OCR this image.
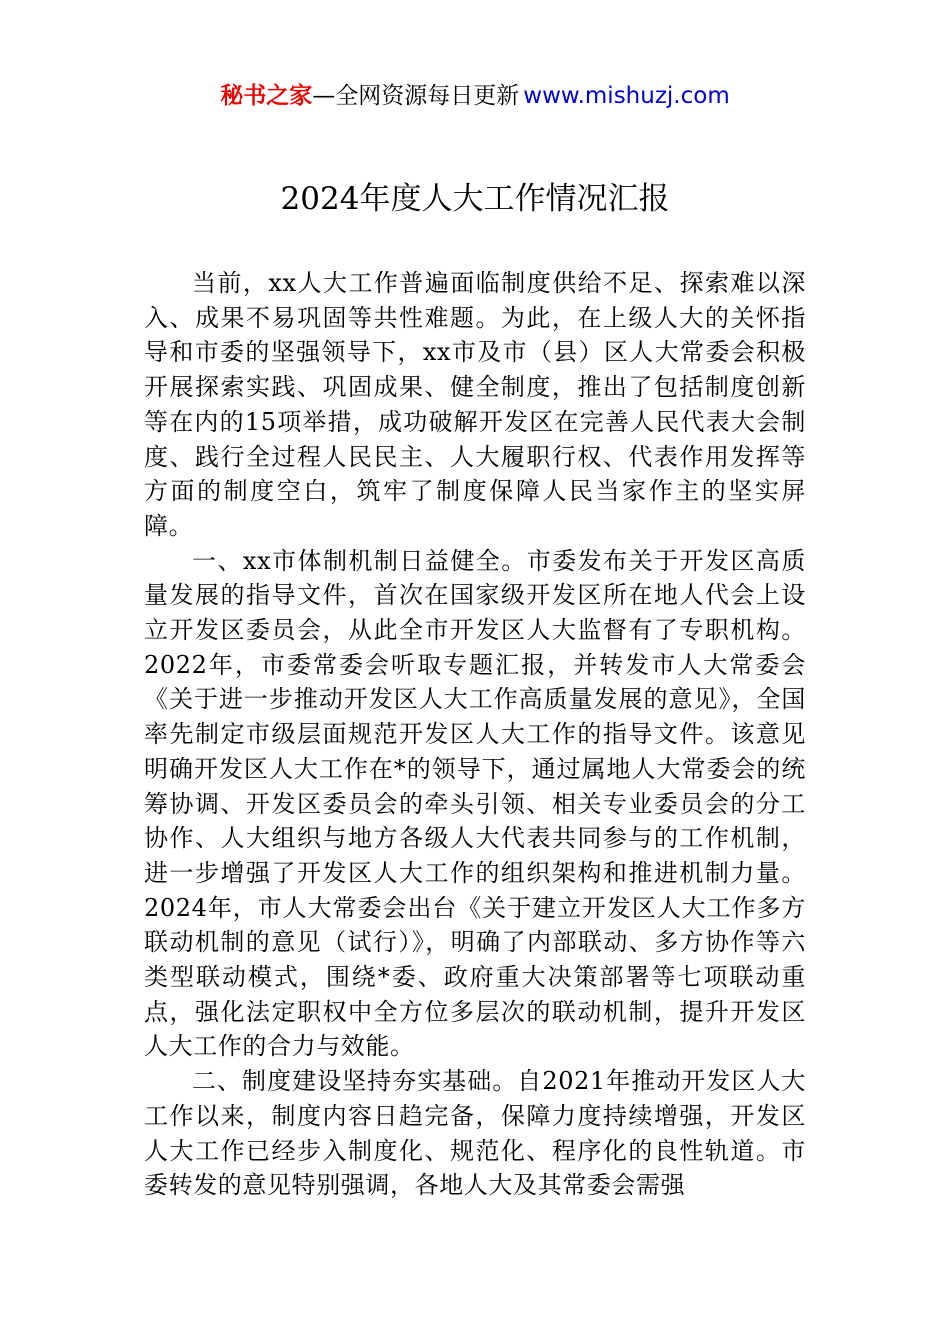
秘书之家—全网资源每日更新 www.mishuzj.com
2024年度人大工作情况汇报

当前，xx人大工作普遍面临制度供给不足、探索难以深入、成果不易巩固等共性难题。为此，在上级人大的关怀指导和市委的坚强领导下，xx市及市（县）区人大常委会积极开展探索实践、巩固成果、健全制度，推出了包括制度创新等在内的15项举措，成功破解开发区在完善人民代表大会制度、践行全过程人民民主、人大履职行权、代表作用发挥等方面的制度空白，筑牢了制度保障人民当家作主的坚实屏障。

一、xx市体制机制日益健全。市委发布关于开发区高质量发展的指导文件，首次在国家级开发区所在地人代会上设立开发区委员会，从此全市开发区人大监督有了专职机构。2022年，市委常委会听取专题汇报，并转发市人大常委会《关于进一步推动开发区人大工作高质量发展的意见》，全国率先制定市级层面规范开发区人大工作的指导文件。该意见明确开发区人大工作在*的领导下，通过属地人大常委会的统筹协调、开发区委员会的牵头引领、相关专业委员会的分工协作、人大组织与地方各级人大代表共同参与的工作机制，进一步增强了开发区人大工作的组织架构和推进机制力量。2024年，市人大常委会出台《关于建立开发区人大工作多方联动机制的意见（试行）》，明确了内部联动、多方协作等六类型联动模式，围绕*委、政府重大决策部署等七项联动重点，强化法定职权中全方位多层次的联动机制，提升开发区人大工作的合力与效能。

二、制度建设坚持夯实基础。自2021年推动开发区人大工作以来，制度内容日趋完备，保障力度持续增强，开发区人大工作已经步入制度化、规范化、程序化的良性轨道。市委转发的意见特别强调，各地人大及其常委会需强
